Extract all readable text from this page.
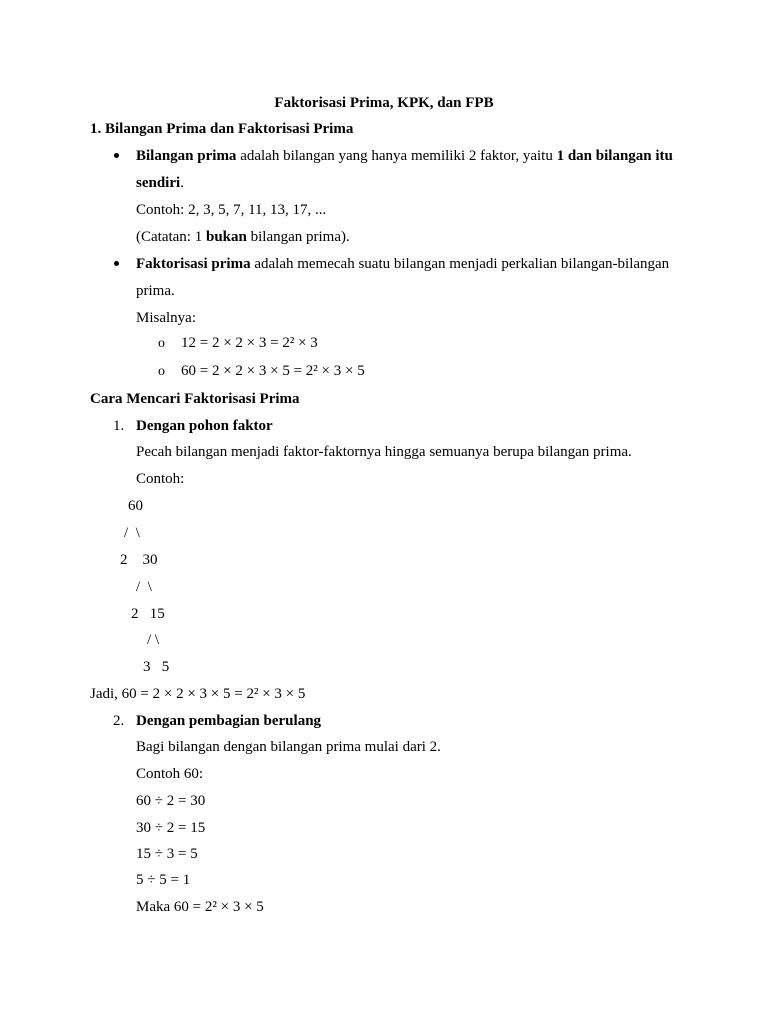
Faktorisasi Prima, KPK, dan FPB
1. Bilangan Prima dan Faktorisasi Prima
Bilangan prima adalah bilangan yang hanya memiliki 2 faktor, yaitu 1 dan bilangan itu
sendiri.
Contoh: 2, 3, 5, 7, 11, 13, 17, ...
(Catatan: 1 bukan bilangan prima).
Faktorisasi prima adalah memecah suatu bilangan menjadi perkalian bilangan-bilangan
prima.
Misalnya:
o 12 = 2 × 2 × 3 = 2² × 3
o 60 = 2 × 2 × 3 × 5 = 2² × 3 × 5
Cara Mencari Faktorisasi Prima
1. Dengan pohon faktor
Pecah bilangan menjadi faktor-faktornya hingga semuanya berupa bilangan prima.
Contoh:
60
/  \
2    30
/  \
2   15
/ \
3   5
Jadi, 60 = 2 × 2 × 3 × 5 = 2² × 3 × 5
2. Dengan pembagian berulang
Bagi bilangan dengan bilangan prima mulai dari 2.
Contoh 60:
60 ÷ 2 = 30
30 ÷ 2 = 15
15 ÷ 3 = 5
5 ÷ 5 = 1
Maka 60 = 2² × 3 × 5
